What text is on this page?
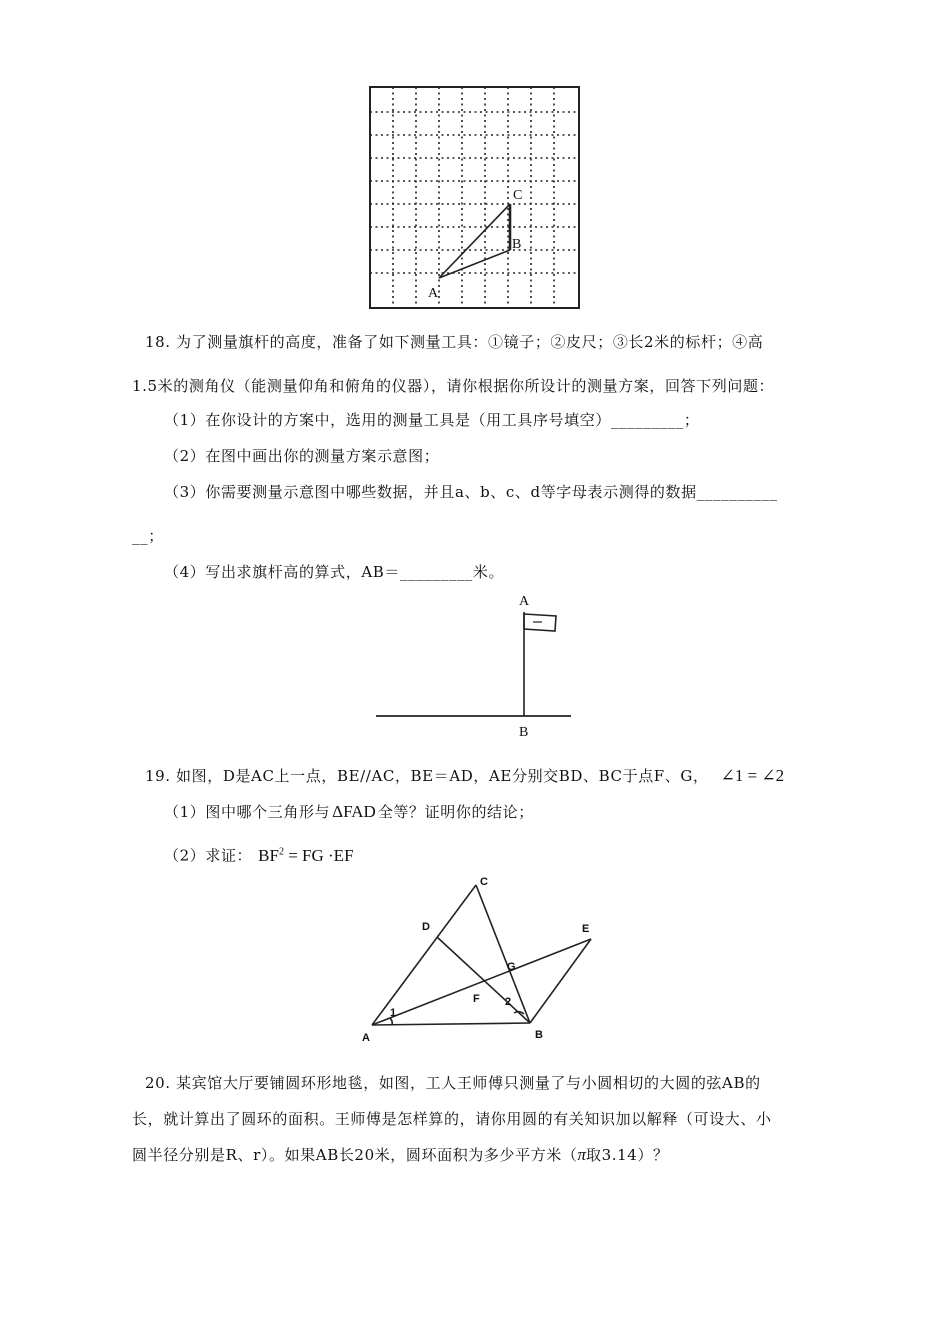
A
B
C
18. 为了测量旗杆的高度，准备了如下测量工具：①镜子；②皮尺；③长2米的标杆；④高
1.5米的测角仪（能测量仰角和俯角的仪器），请你根据你所设计的测量方案，回答下列问题：
（1）在你设计的方案中，选用的测量工具是（用工具序号填空）_________；
（2）在图中画出你的测量方案示意图；
（3）你需要测量示意图中哪些数据，并且a、b、c、d等字母表示测得的数据__________
__；
（4）写出求旗杆高的算式，AB＝_________米。
A
B
19. 如图，D是AC上一点，BE//AC，BE＝AD，AE分别交BD、BC于点F、G， ∠1 = ∠2
（1）图中哪个三角形与 ΔFAD 全等？证明你的结论；
（2）求证： $BF^2$ = FG ·EF
A	B
C
D	E
F
G
1
2
20. 某宾馆大厅要铺圆环形地毯，如图，工人王师傅只测量了与小圆相切的大圆的弦AB的
长，就计算出了圆环的面积。王师傅是怎样算的，请你用圆的有关知识加以解释（可设大、小
圆半径分别是R、r）。如果AB长20米，圆环面积为多少平方米（π取3.14）？
